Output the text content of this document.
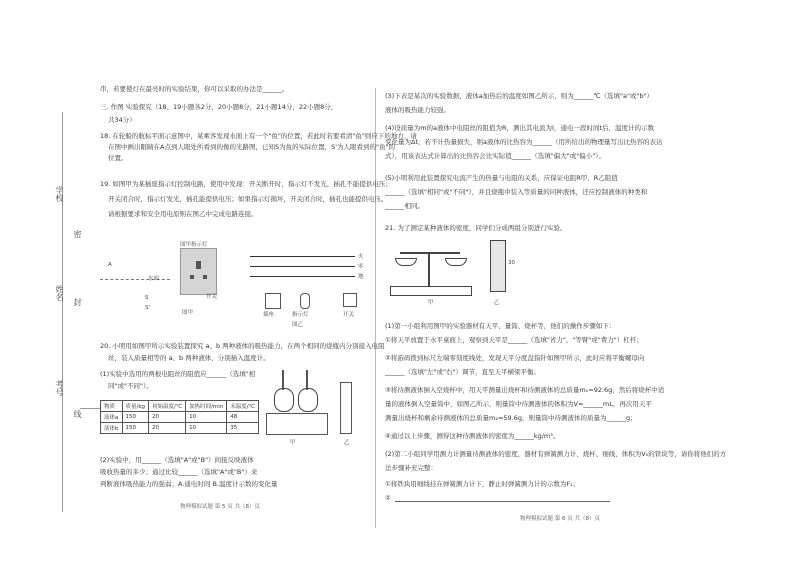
学校
姓名
考号
密
封
线
串，若要使灯在最亮时的实验结果，你可以采取的办法是______。
三. 作图 实验探究（18、19小题各2分，20小题8分，21小题14分，22小题8分，
共34分）
18. 在轮船的航标平面示意图中，某乘客发现水面上有一个"鱼"的位置，若此时若要看清"鱼"则应下的地方，请
在图中画出眼睛在A点到人眼处所看到的像的光路图，已知S为鱼的实际位置，S'为人眼看到的"鱼"的
位置。
19. 如图甲为某插座指示灯控制电路，使用中发现：开关断开时，指示灯不发光，插孔不能提供电压；
开关闭合时，指示灯发光，插孔能提供电压；如果指示灯损坏，开关闭合时，插孔也能提供电压。
请根据要求和安全用电原则在图乙中完成电路连接。
A
水面
S
S'
图甲指示灯
图甲
开关
火
零
地
插座	指示灯	开关
图乙
20. 小明用如图甲所示实验装置探究 a、b 两种液体的吸热能力，在两个相同的烧瓶内分别接入电阻
丝，装入质量相等的 a、b 两种液体，分别插入温度计。
(1)实验中选用的两根电阻丝的阻值应______（选填"相
同"或"不同"）。
物质	质量/kg	初始温度/℃	加热时间/min	末温度/℃
液体a	150	20	10	48
液体b	150	20	10	35
甲	乙
(2)实验中，用______（选填"A"或"B"）间接反映液体
吸收热量的多少；通过比较______（选填"A"或"B"）来
判断液体吸热能力的强弱；A.通电时间 B.温度计示数的变化量
物理模拟试题 第 5 页 共（8）页
(3)下表是某次的实验数据，液体a加热后的温度如图乙所示，则为______℃（选填"a"或"b"）
液体的吸热能力较强。
(4)设质量为m的a液体中电阻丝的阻值为R，测出其电流为I，通电一段时间t后，温度计的示数
变化量为Δt，若不计热量损失，则a液体的比热容为______（用所给出的物理量写出比热容的表达
式），用该表达式计算出的比热容会比实际值______（选填"偏大"或"偏小"）。
(5)小明利用此装置探究电流产生的热量与电阻的关系，应保证电阻R甲、R乙阻值
______（选填"相同"或"不同"），并且烧瓶中装入等质量的同种液体，还应控制液体的种类和
______相同。
21. 为了测定某种液体的密度，同学们分成两组分别进行实验。
甲
30
乙
(1)第一小组利用图甲的实验器材有天平、量筒、烧杯等，他们的操作步骤如下：
①将天平放置于水平桌面上，观察到天平是______（选填"省力"、"等臂"或"费力"）杠杆；
②将游码拨到标尺左端零刻度线处，发现天平分度盘指针如图甲所示，此时应将平衡螺母向
______（选填"左"或"右"）调节，直至天平横梁平衡；
③将待测液体倒入空烧杯中，用天平测量出烧杯和待测液体的总质量m₁=92.6g，然后将烧杯中适
量的液体倒入空量筒中，如图乙所示，则量筒中待测液体的体积为V=______mL，再次用天平
测量出烧杯和剩余待测液体的总质量m₂=59.6g，则量筒中待测液体的质量为______g；
④通过以上步骤，测得这种待测液体的密度为______kg/m³。
(2)第二小组同学用测力计测量待测液体的密度，器材有弹簧测力计、烧杯、细线、体积为V₀的铁块等，请你将他们的方
法步骤补充完整：
①将铁块用细线挂在弹簧测力计下，静止时弹簧测力计的示数为F₁；
②
物理模拟试题 第 6 页 共（8）页
